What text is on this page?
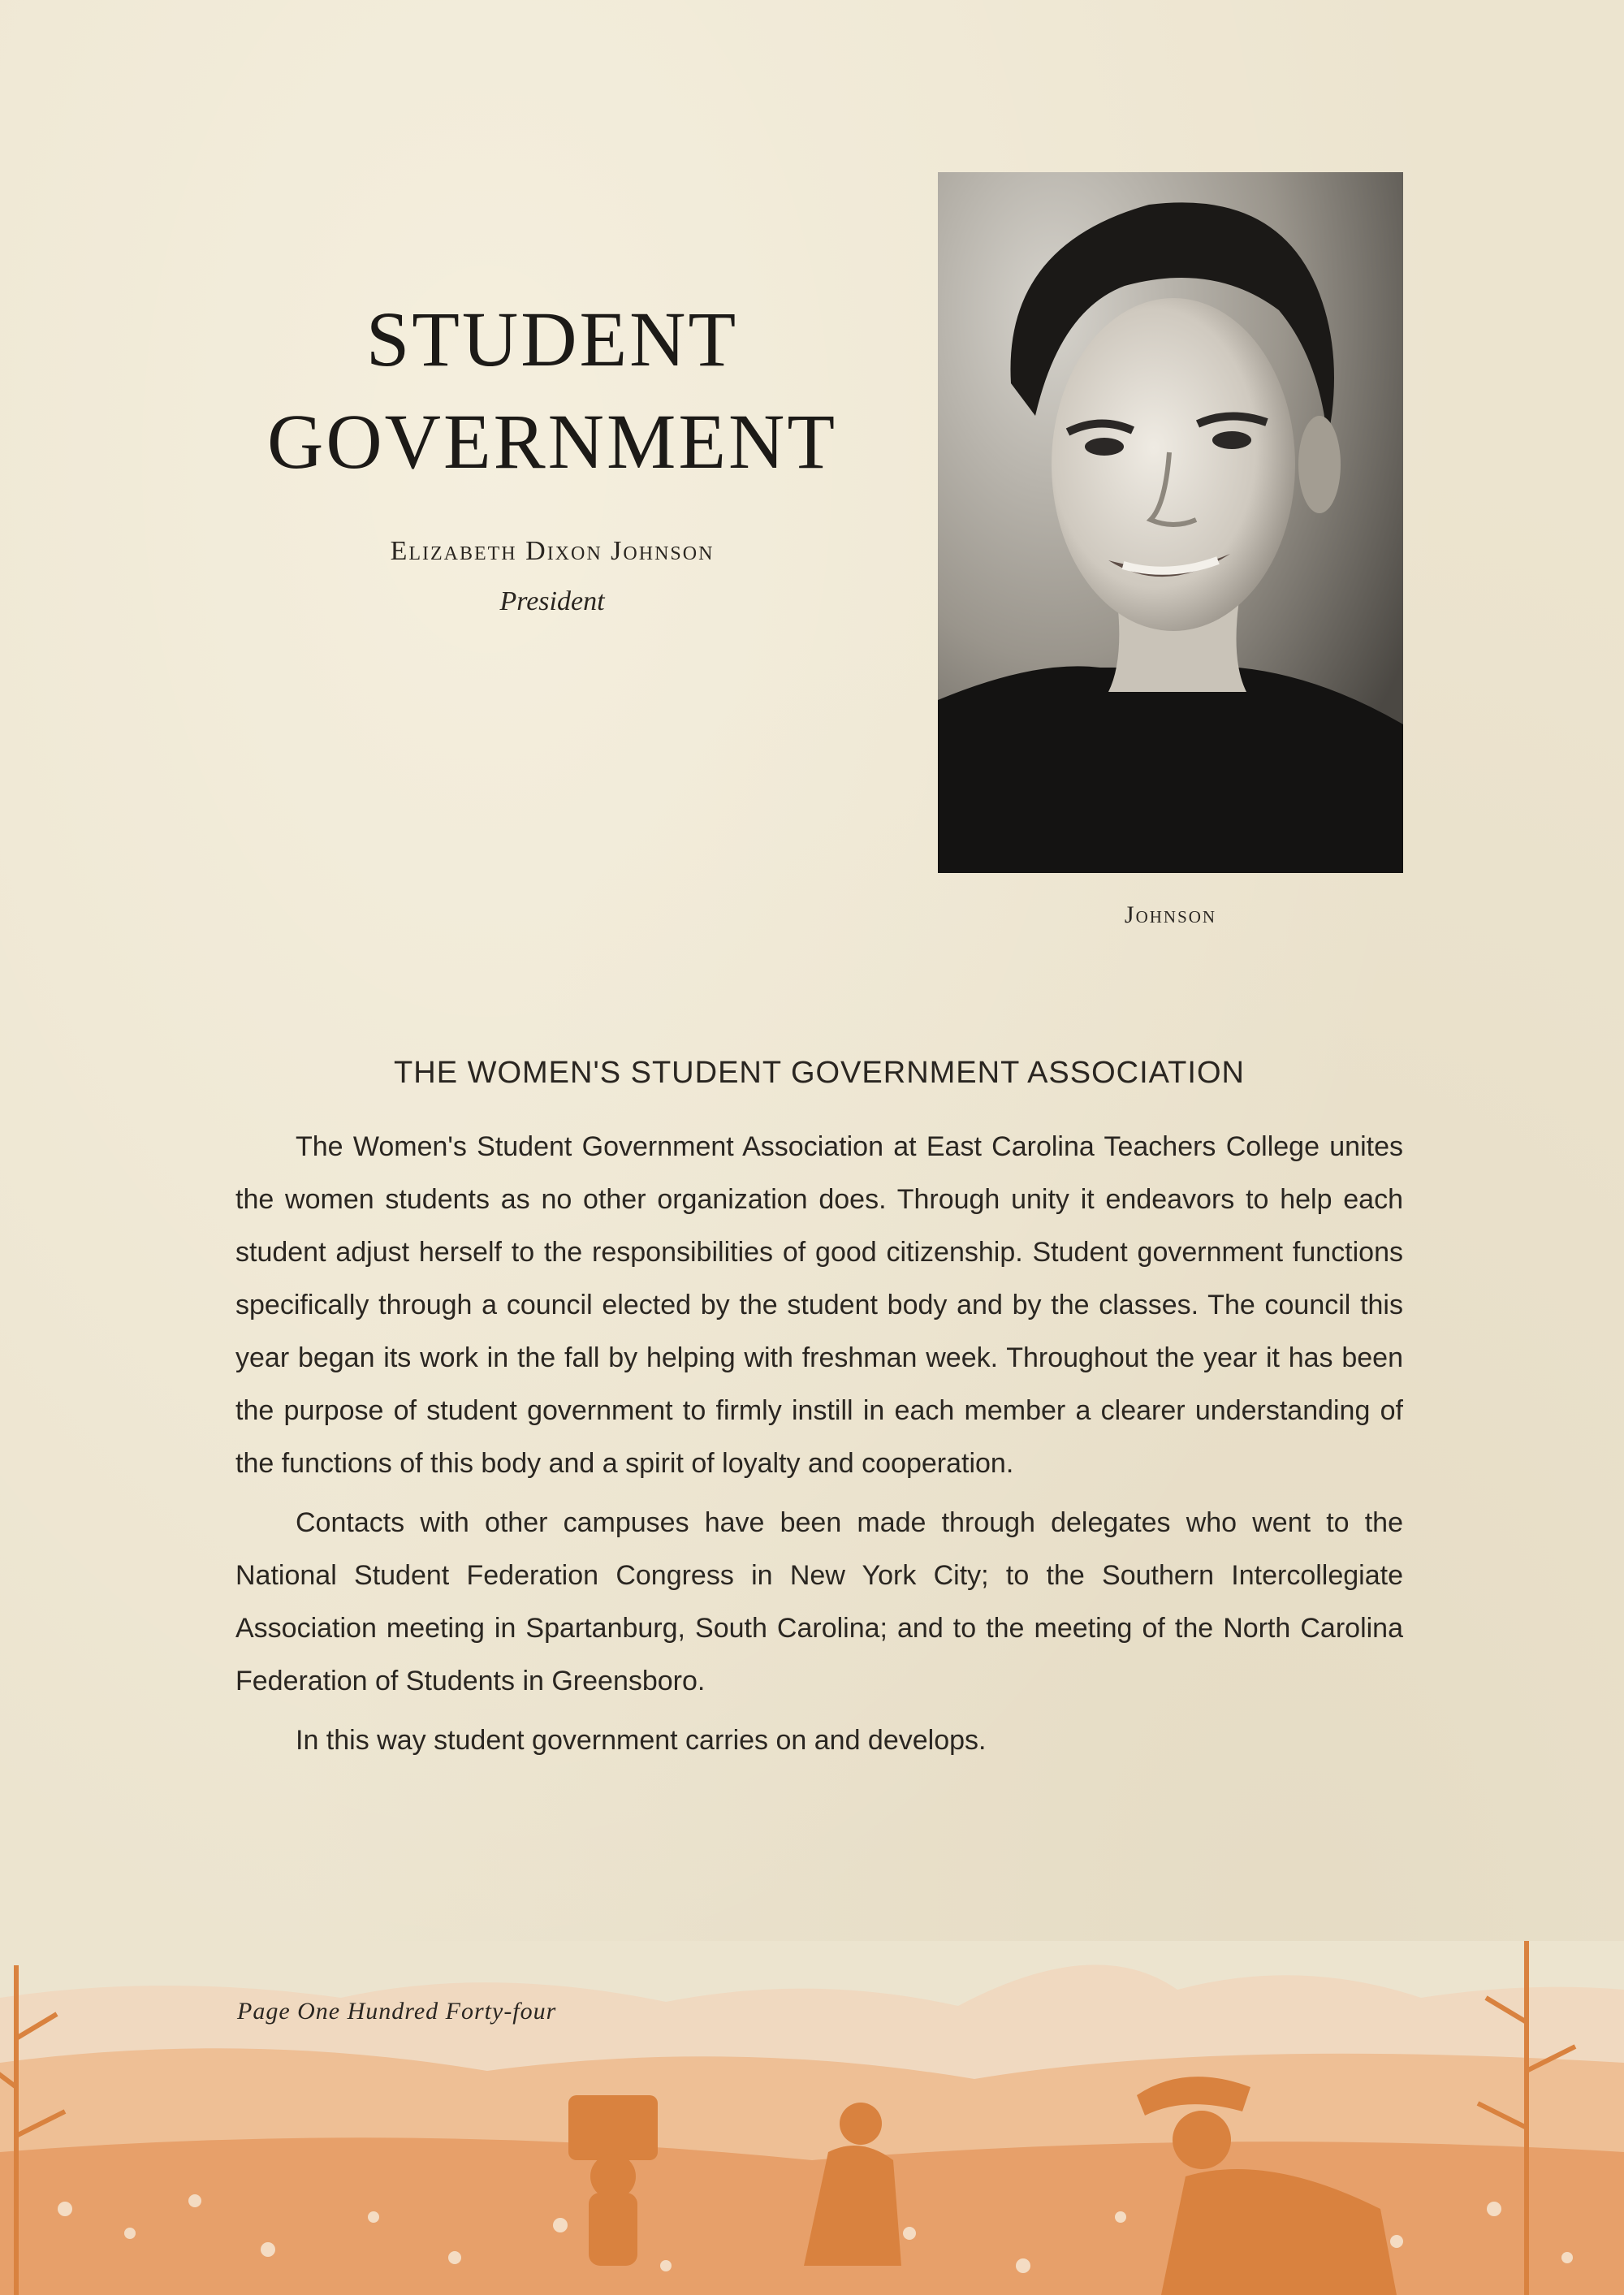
STUDENT
GOVERNMENT
Elizabeth Dixon Johnson
President
Johnson
THE WOMEN'S STUDENT GOVERNMENT ASSOCIATION

The Women's Student Government Association at East Carolina Teachers College unites the women students as no other organization does. Through unity it endeavors to help each student adjust herself to the responsibilities of good citizenship. Student government functions specifically through a council elected by the student body and by the classes. The council this year began its work in the fall by helping with freshman week. Throughout the year it has been the purpose of student government to firmly instill in each member a clearer understanding of the functions of this body and a spirit of loyalty and cooperation.

Contacts with other campuses have been made through delegates who went to the National Student Federation Congress in New York City; to the Southern Intercollegiate Association meeting in Spartanburg, South Carolina; and to the meeting of the North Carolina Federation of Students in Greensboro.

In this way student government carries on and develops.

Page One Hundred Forty-four
